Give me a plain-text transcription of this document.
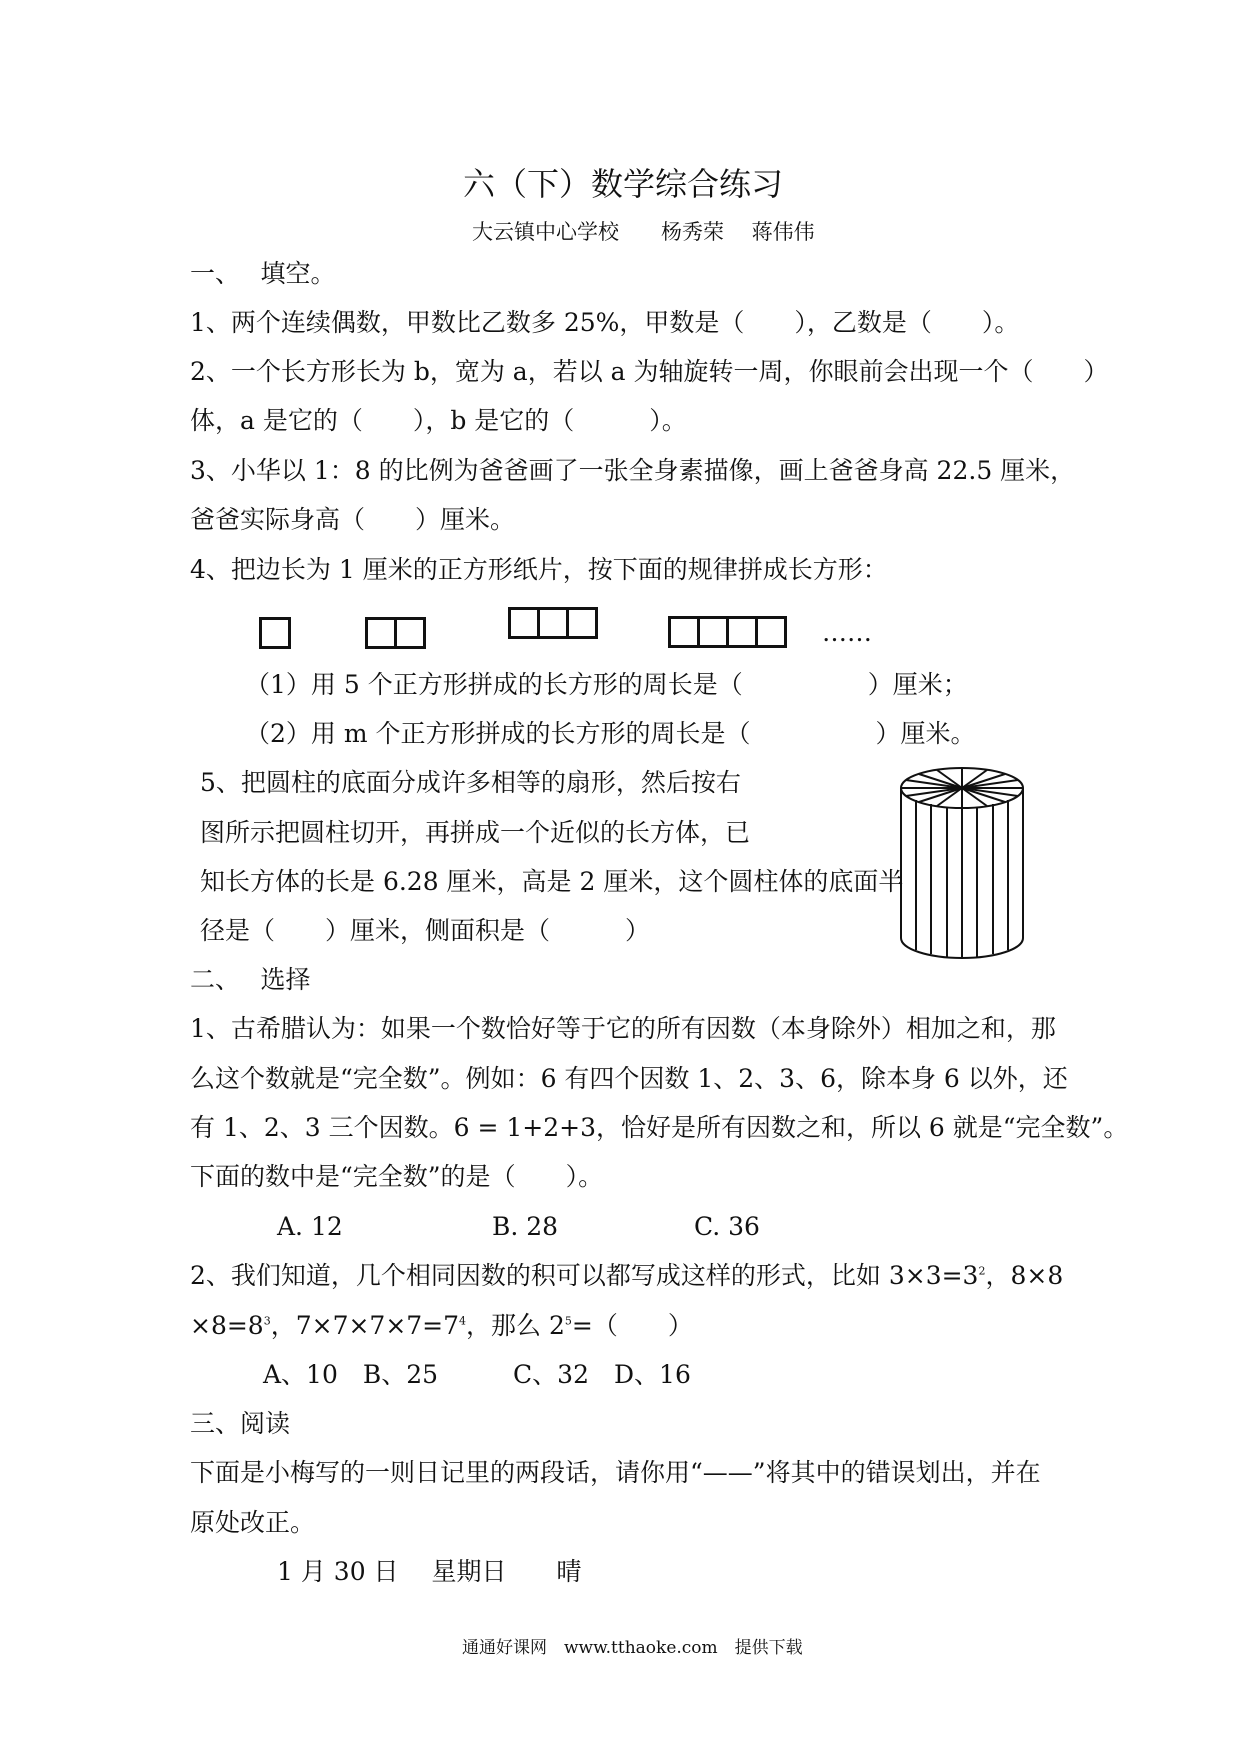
六（下）数学综合练习
大云镇中心学校　　杨秀荣　 蒋伟伟
一、　 填空。
1、两个连续偶数，甲数比乙数多 25%，甲数是（　　），乙数是（　　）。
2、一个长方形长为 b，宽为 a，若以 a 为轴旋转一周，你眼前会出现一个（　　）
体，a 是它的（　　），b 是它的（　　　）。
3、小华以 1：8 的比例为爸爸画了一张全身素描像，画上爸爸身高 22.5 厘米，
爸爸实际身高（　　）厘米。
4、把边长为 1 厘米的正方形纸片，按下面的规律拼成长方形：
……
（1）用 5 个正方形拼成的长方形的周长是（　　　　　）厘米；
（2）用 m 个正方形拼成的长方形的周长是（　　　　　）厘米。
5、把圆柱的底面分成许多相等的扇形，然后按右
图所示把圆柱切开，再拼成一个近似的长方体，已
知长方体的长是 6.28 厘米，高是 2 厘米，这个圆柱体的底面半
径是（　　）厘米，侧面积是（　　　）
二、　 选择
1、古希腊认为：如果一个数恰好等于它的所有因数（本身除外）相加之和，那
么这个数就是“完全数”。例如：6 有四个因数 1、2、3、6，除本身 6 以外，还
有 1、2、3 三个因数。6 = 1+2+3，恰好是所有因数之和，所以 6 就是“完全数”。
下面的数中是“完全数”的是（　　）。
A. 12	B. 28	C. 36
2、我们知道，几个相同因数的积可以都写成这样的形式，比如 $3\times 3=3^2$，8×8
$\times 8=8^3$，$7\times 7\times 7\times 7=7^4$，那么 $2^5=$（　　）
A、10　B、25　　　C、32　D、16
三、阅读
下面是小梅写的一则日记里的两段话，请你用“——”将其中的错误划出，并在
原处改正。
1 月 30 日　 星期日　　晴
通通好课网　www.tthaoke.com　提供下载
